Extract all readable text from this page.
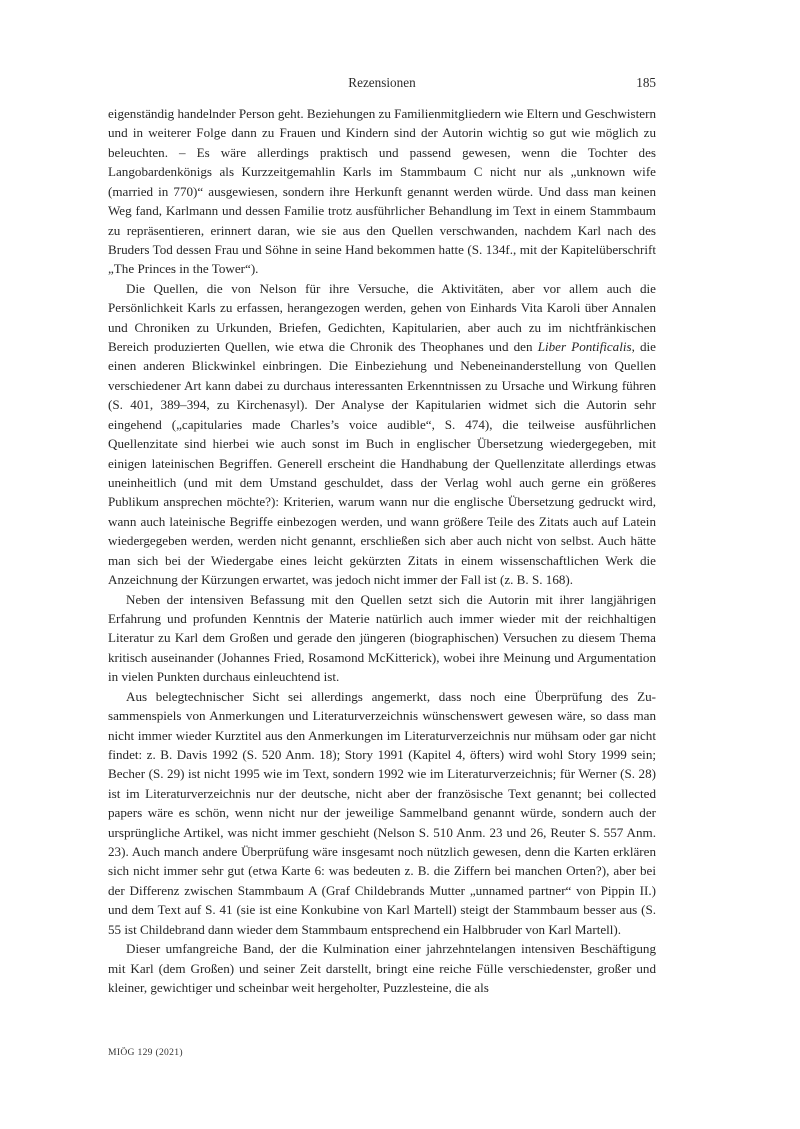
Rezensionen	185

eigenständig handelnder Person geht. Beziehungen zu Familienmitgliedern wie Eltern und Geschwistern und in weiterer Folge dann zu Frauen und Kindern sind der Autorin wichtig so gut wie möglich zu beleuchten. – Es wäre allerdings praktisch und passend gewesen, wenn die Tochter des Langobardenkönigs als Kurzzeitgemahlin Karls im Stammbaum C nicht nur als „unknown wife (married in 770)“ ausgewiesen, sondern ihre Herkunft genannt werden würde. Und dass man keinen Weg fand, Karlmann und dessen Familie trotz ausführlicher Behandlung im Text in einem Stammbaum zu repräsentieren, erinnert daran, wie sie aus den Quellen verschwanden, nachdem Karl nach des Bruders Tod dessen Frau und Söhne in seine Hand bekommen hatte (S. 134f., mit der Kapitelüberschrift „The Princes in the Tower“).

Die Quellen, die von Nelson für ihre Versuche, die Aktivitäten, aber vor allem auch die Persönlichkeit Karls zu erfassen, herangezogen werden, gehen von Einhards Vita Karoli über Annalen und Chroniken zu Urkunden, Briefen, Gedichten, Kapitularien, aber auch zu im nichtfränkischen Bereich produzierten Quellen, wie etwa die Chronik des Theophanes und den Liber Pontificalis, die einen anderen Blickwinkel einbringen. Die Einbeziehung und Nebeneinanderstellung von Quellen verschiedener Art kann dabei zu durchaus interessanten Erkenntnissen zu Ursache und Wirkung führen (S. 401, 389–394, zu Kirchenasyl). Der Analyse der Kapitularien widmet sich die Autorin sehr eingehend („capitularies made Charles’s voice audible“, S. 474), die teilweise ausführlichen Quellenzitate sind hierbei wie auch sonst im Buch in englischer Übersetzung wiedergegeben, mit einigen lateinischen Begriffen. Generell erscheint die Handhabung der Quellenzitate allerdings etwas uneinheitlich (und mit dem Umstand geschuldet, dass der Verlag wohl auch gerne ein größeres Publikum ansprechen möchte?): Kriterien, warum wann nur die englische Übersetzung gedruckt wird, wann auch lateinische Begriffe einbezogen werden, und wann größere Teile des Zitats auch auf Latein wiedergegeben werden, werden nicht genannt, erschließen sich aber auch nicht von selbst. Auch hätte man sich bei der Wiedergabe eines leicht gekürzten Zitats in einem wissenschaftlichen Werk die Anzeichnung der Kürzungen erwartet, was jedoch nicht immer der Fall ist (z. B. S. 168).

Neben der intensiven Befassung mit den Quellen setzt sich die Autorin mit ihrer langjährigen Erfahrung und profunden Kenntnis der Materie natürlich auch immer wieder mit der reichhaltigen Literatur zu Karl dem Großen und gerade den jüngeren (biographischen) Versuchen zu diesem Thema kritisch auseinander (Johannes Fried, Rosamond McKitterick), wobei ihre Meinung und Argumentation in vielen Punkten durchaus einleuchtend ist.

Aus belegtechnischer Sicht sei allerdings angemerkt, dass noch eine Überprüfung des Zusammenspiels von Anmerkungen und Literaturverzeichnis wünschenswert gewesen wäre, so dass man nicht immer wieder Kurztitel aus den Anmerkungen im Literaturverzeichnis nur mühsam oder gar nicht findet: z. B. Davis 1992 (S. 520 Anm. 18); Story 1991 (Kapitel 4, öfters) wird wohl Story 1999 sein; Becher (S. 29) ist nicht 1995 wie im Text, sondern 1992 wie im Literaturverzeichnis; für Werner (S. 28) ist im Literaturverzeichnis nur der deutsche, nicht aber der französische Text genannt; bei collected papers wäre es schön, wenn nicht nur der jeweilige Sammelband genannt würde, sondern auch der ursprüngliche Artikel, was nicht immer geschieht (Nelson S. 510 Anm. 23 und 26, Reuter S. 557 Anm. 23). Auch manch andere Überprüfung wäre insgesamt noch nützlich gewesen, denn die Karten erklären sich nicht immer sehr gut (etwa Karte 6: was bedeuten z. B. die Ziffern bei manchen Orten?), aber bei der Differenz zwischen Stammbaum A (Graf Childebrands Mutter „unnamed partner“ von Pippin II.) und dem Text auf S. 41 (sie ist eine Konkubine von Karl Martell) steigt der Stammbaum besser aus (S. 55 ist Childebrand dann wieder dem Stammbaum entsprechend ein Halbbruder von Karl Martell).

Dieser umfangreiche Band, der die Kulmination einer jahrzehntelangen intensiven Beschäftigung mit Karl (dem Großen) und seiner Zeit darstellt, bringt eine reiche Fülle verschiedenster, großer und kleiner, gewichtiger und scheinbar weit hergeholter, Puzzlesteine, die als

MIÖG 129 (2021)
